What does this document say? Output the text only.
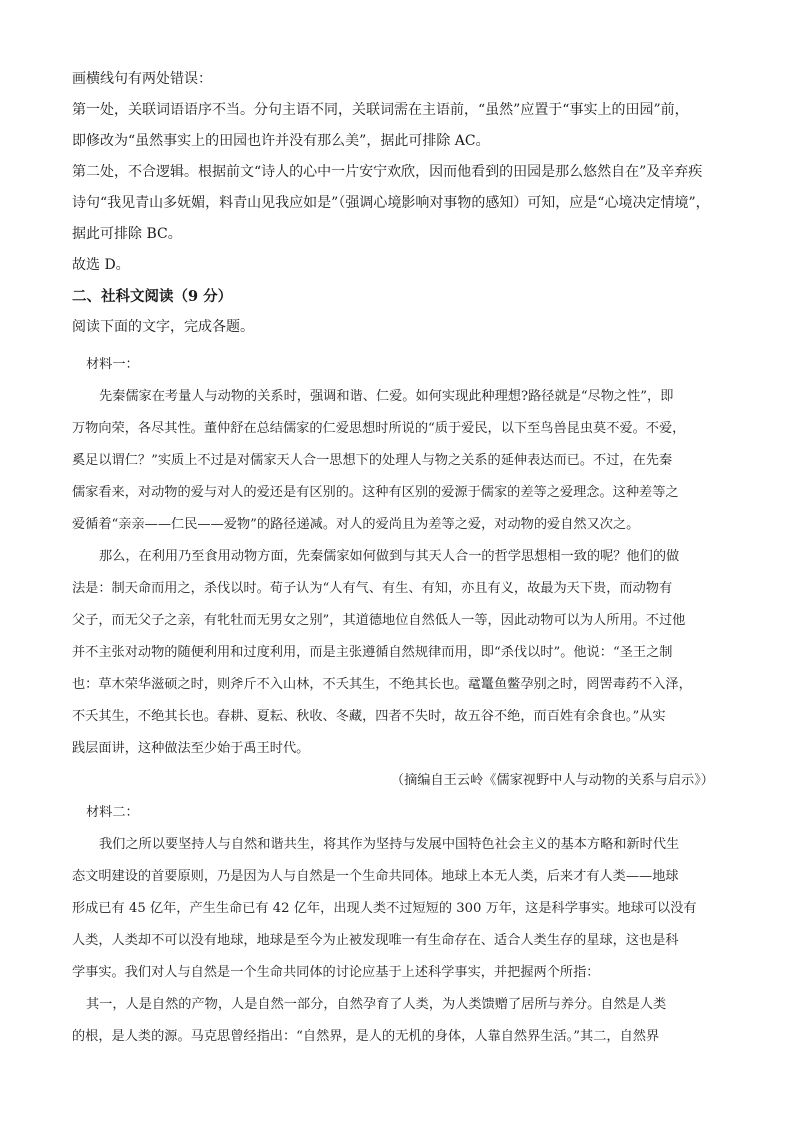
画横线句有两处错误：
第一处，关联词语语序不当。分句主语不同，关联词需在主语前，“虽然”应置于“事实上的田园”前，
即修改为“虽然事实上的田园也许并没有那么美”，据此可排除 AC。
第二处，不合逻辑。根据前文“诗人的心中一片安宁欢欣，因而他看到的田园是那么悠然自在”及辛弃疾
诗句“我见青山多妩媚，料青山见我应如是”（强调心境影响对事物的感知）可知，应是“心境决定情境”，
据此可排除 BC。
故选 D。
二、社科文阅读（9 分）
阅读下面的文字，完成各题。
材料一：
先秦儒家在考量人与动物的关系时，强调和谐、仁爱。如何实现此种理想?路径就是“尽物之性”，即
万物向荣，各尽其性。董仲舒在总结儒家的仁爱思想时所说的“质于爱民，以下至鸟兽昆虫莫不爱。不爱，
奚足以谓仁？”实质上不过是对儒家天人合一思想下的处理人与物之关系的延伸表达而已。不过，在先秦
儒家看来，对动物的爱与对人的爱还是有区别的。这种有区别的爱源于儒家的差等之爱理念。这种差等之
爱循着“亲亲——仁民——爱物”的路径递减。对人的爱尚且为差等之爱，对动物的爱自然又次之。
那么，在利用乃至食用动物方面，先秦儒家如何做到与其天人合一的哲学思想相一致的呢？他们的做
法是：制天命而用之，杀伐以时。荀子认为“人有气、有生、有知，亦且有义，故最为天下贵，而动物有
父子，而无父子之亲，有牝牡而无男女之别”，其道德地位自然低人一等，因此动物可以为人所用。不过他
并不主张对动物的随便利用和过度利用，而是主张遵循自然规律而用，即“杀伐以时”。他说：“圣王之制
也：草木荣华滋硕之时，则斧斤不入山林，不夭其生，不绝其长也。鼋鼍鱼鳖孕别之时，罔罟毒药不入泽，
不夭其生，不绝其长也。春耕、夏耘、秋收、冬藏，四者不失时，故五谷不绝，而百姓有余食也。”从实
践层面讲，这种做法至少始于禹王时代。
（摘编自王云岭《儒家视野中人与动物的关系与启示》）
材料二：
我们之所以要坚持人与自然和谐共生，将其作为坚持与发展中国特色社会主义的基本方略和新时代生
态文明建设的首要原则，乃是因为人与自然是一个生命共同体。地球上本无人类，后来才有人类——地球
形成已有 45 亿年，产生生命已有 42 亿年，出现人类不过短短的 300 万年，这是科学事实。地球可以没有
人类，人类却不可以没有地球，地球是至今为止被发现唯一有生命存在、适合人类生存的星球，这也是科
学事实。我们对人与自然是一个生命共同体的讨论应基于上述科学事实，并把握两个所指：
其一，人是自然的产物，人是自然一部分，自然孕育了人类，为人类馈赠了居所与养分。自然是人类
的根，是人类的源。马克思曾经指出：“自然界，是人的无机的身体，人靠自然界生活。”其二，自然界
